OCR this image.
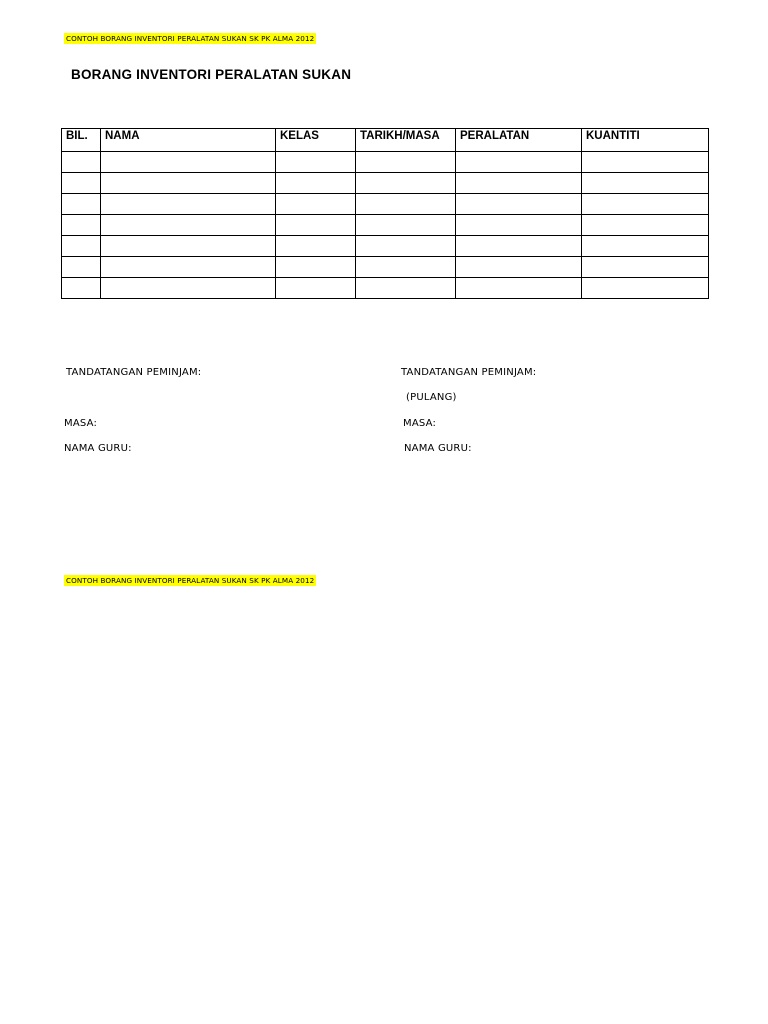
CONTOH BORANG INVENTORI PERALATAN SUKAN SK PK ALMA 2012
BORANG INVENTORI PERALATAN SUKAN
BIL.	NAMA	KELAS	TARIKH/MASA	PERALATAN	KUANTITI

TANDATANGAN PEMINJAM:
MASA:
NAMA GURU:
TANDATANGAN PEMINJAM:
(PULANG)
MASA:
NAMA GURU:
CONTOH BORANG INVENTORI PERALATAN SUKAN SK PK ALMA 2012
